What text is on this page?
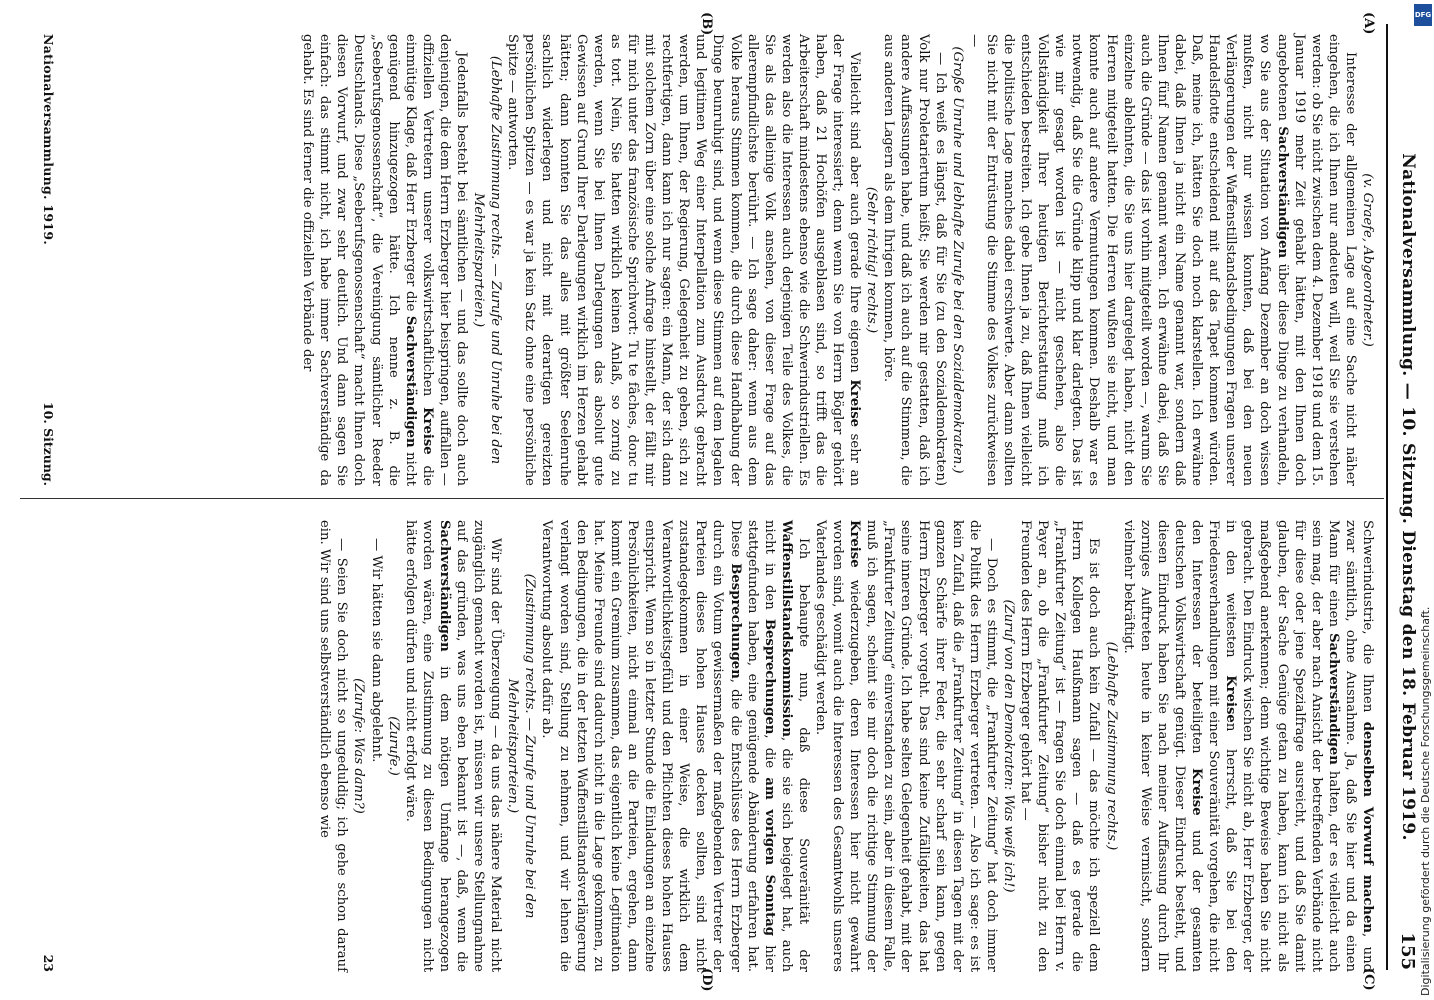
Nationalversammlung. — 10. Sitzung. Dienstag den 18. Februar 1919.
155
(A)
(B)
(C)
(D)

(v. Graefe, Abgeordneter.)

Interesse der allgemeinen Lage auf eine Sache nicht näher eingehen, die ich Ihnen nur andeuten will, weil Sie sie verstehen werden: ob Sie nicht zwischen dem 4. Dezember 1918 und dem 15. Januar 1919 mehr Zeit gehabt hätten, mit den Ihnen doch angebotenen Sachverständigen über diese Dinge zu verhandeln, wo Sie aus der Situation von Anfang Dezember an doch wissen mußten, nicht nur wissen konnten, daß bei den neuen Verlängerungen der Waffenstillstandsbedingungen Fragen unserer Handelsflotte entscheidend mit auf das Tapet kommen würden. Daß, meine ich, hätten Sie doch noch klarstellen. Ich erwähne dabei, daß Ihnen ja nicht ein Name genannt war, sondern daß Ihnen fünf Namen genannt waren. Ich erwähne dabei, daß Sie auch die Gründe — das ist vorhin mitgeteilt worden —, warum Sie einzelne ablehnten, die Sie uns hier dargelegt haben, nicht den Herren mitgeteilt hatten. Die Herren wußten sie nicht, und man konnte auch auf andere Vermutungen kommen. Deshalb war es notwendig, daß Sie die Gründe klipp und klar darlegten. Das ist wie mir gesagt worden ist — nicht geschehen, also die Vollständigkeit Ihrer heutigen Berichterstattung muß ich entschieden bestreiten. Ich gebe Ihnen ja zu, daß Ihnen vielleicht die politische Lage manches dabei erschwerte. Aber dann sollten Sie nicht mit der Entrüstung die Stimme des Volkes zurückweisen —

(Große Unruhe und lebhafte Zurufe bei den Sozialdemokraten.)

— Ich weiß es längst, daß für Sie (zu den Sozialdemokraten) Volk nur Proletariertum heißt; Sie werden mir gestatten, daß ich andere Auffassungen habe, und daß ich auch auf die Stimmen, die aus anderen Lagern als dem Ihrigen kommen, höre.

(Sehr richtig! rechts.)

Vielleicht sind aber auch gerade Ihre eigenen Kreise sehr an der Frage interessiert; denn wenn Sie von Herrn Bögler gehört haben, daß 21 Hochöfen ausgeblasen sind, so trifft das die Arbeiterschaft mindestens ebenso wie die Schwerindustriellen. Es werden also die Interessen auch derjenigen Teile des Volkes, die Sie als das alleinige Volk ansehen, von dieser Frage auf das allerempfindlichste berührt. — Ich sage daher: wenn aus dem Volke heraus Stimmen kommen, die durch diese Handhabung der Dinge beunruhigt sind, und wenn diese Stimmen auf dem legalen und legitimen Weg einer Interpellation zum Ausdruck gebracht werden, um Ihnen, der Regierung, Gelegenheit zu geben, sich zu rechtfertigen, dann kann ich nur sagen: ein Mann, der sich dann mit solchem Zorn über eine solche Anfrage hinstellt, der fällt mir für mich unter das französische Sprichwort: Tu te fâches, donc tu as tort. Nein, Sie hatten wirklich keinen Anlaß, so zornig zu werden, wenn Sie bei Ihnen Darlegungen das absolut gute Gewissen auf Grund Ihrer Darlegungen wirklich im Herzen gehabt hätten; dann konnten Sie das alles mit größter Seelenruhe sachlich widerlegen und nicht mit derartigen gereizten persönlichen Spitzen — es war ja kein Satz ohne eine persönliche Spitze — antworten.

(Lebhafte Zustimmung rechts. — Zurufe und Unruhe bei den Mehrheitsparteien.)

Jedenfalls besteht bei sämtlichen — und das sollte doch auch denjenigen, die dem Herrn Erzberger hier beispringen, auffallen — offiziellen Vertretern unserer volkswirtschaftlichen Kreise die einmütige Klage, daß Herr Erzberger die Sachverständigen nicht genügend hinzugezogen hätte. Ich nenne z. B. die „Seeberufsgenossenschaft“, die Vereinigung sämtlicher Reeder Deutschlands. Diese „Seeberufsgenossenschaft“ macht Ihnen doch diesen Vorwurf, und zwar sehr deutlich. Und dann sagen Sie einfach: das stimmt nicht, ich habe immer Sachverständige da gehabt. Es sind ferner die offiziellen Verbände der

Schwerindustrie, die Ihnen denselben Vorwurf machen, und zwar sämtlich, ohne Ausnahme. Ja, daß Sie hier und da einen Mann für einen Sachverständigen halten, der es vielleicht auch sein mag, der aber nach Ansicht der betreffenden Verbände nicht für diese oder jene Spezialfrage ausreicht, und daß Sie damit glauben, der Sache Genüge getan zu haben, kann ich nicht als maßgebend anerkennen; denn wichtige Beweise haben Sie nicht gebracht. Den Eindruck wischen Sie nicht ab, Herr Erzberger, der in den weitesten Kreisen herrscht, daß Sie bei den Friedensverhandlungen mit einer Souveränität vorgehen, die nicht den Interessen der beteiligten Kreise und der gesamten deutschen Volkswirtschaft genügt. Dieser Eindruck besteht, und diesen Eindruck haben Sie nach meiner Auffassung durch Ihr zorniges Auftreten heute in keiner Weise vermischt, sondern vielmehr bekräftigt.

(Lebhafte Zustimmung rechts.)

Es ist doch auch kein Zufall — das möchte ich speziell dem Herrn Kollegen Haußmann sagen — daß es gerade die „Frankfurter Zeitung“ ist — fragen Sie doch einmal bei Herrn v. Payer an, ob die „Frankfurter Zeitung“ bisher nicht zu den Freunden des Herrn Erzberger gehört hat —

(Zuruf von den Demokraten: Was weiß ich!)

— Doch es stimmt, die „Frankfurter Zeitung“ hat doch immer die Politik des Herrn Erzberger vertreten. — Also ich sage: es ist kein Zufall, daß die „Frankfurter Zeitung“ in diesen Tagen mit der ganzen Schärfe ihrer Feder, die sehr scharf sein kann, gegen Herrn Erzberger vorgeht. Das sind keine Zufälligkeiten, das hat seine inneren Gründe. Ich habe selten Gelegenheit gehabt, mit der „Frankfurter Zeitung“ einverstanden zu sein, aber in diesem Falle, muß ich sagen, scheint sie mir doch die richtige Stimmung der Kreise wiederzugeben, deren Interessen hier nicht gewahrt worden sind, womit auch die Interessen des Gesamtwohls unseres Vaterlandes geschädigt werden.

Ich behaupte nun, daß diese Souveränität der Waffenstillstandskommission, die sie sich beigelegt hat, auch nicht in den Besprechungen, die am vorigen Sonntag hier stattgefunden haben, eine genügende Abänderung erfahren hat. Diese Besprechungen, die die Entschlüsse des Herrn Erzberger durch ein Votum gewissermaßen der maßgebenden Vertreter der Parteien dieses hohen Hauses decken sollten, sind nicht zustandegekommen in einer Weise, die wirklich dem Verantwortlichkeitsgefühl und den Pflichten dieses hohen Hauses entspricht. Wenn so in letzter Stunde die Einladungen an einzelne Persönlichkeiten, nicht einmal an die Parteien, ergehen, dann kommt ein Gremium zusammen, das eigentlich keine Legitimation hat. Meine Freunde sind dadurch nicht in die Lage gekommen, zu den Bedingungen, die in der letzten Waffenstillstandsverlängerung verlangt worden sind, Stellung zu nehmen, und wir lehnen die Verantwortung absolut dafür ab.

(Zustimmung rechts. — Zurufe und Unruhe bei den Mehrheitsparteien.)

Wir sind der Überzeugung — da uns das nähere Material nicht zugänglich gemacht worden ist, müssen wir unsere Stellungnahme auf das gründen, was uns eben bekannt ist —, daß, wenn die Sachverständigen in dem nötigen Umfange herangezogen worden wären, eine Zustimmung zu diesen Bedingungen nicht hätte erfolgen dürfen und nicht erfolgt wäre.

(Zurufe.)

— Wir hätten sie dann abgelehnt.

(Zurufe: Was dann?)

— Seien Sie doch nicht so ungeduldig; ich gehe schon darauf ein. Wir sind uns selbstverständlich ebenso wie

Nationalversammlung. 1919.
10. Sitzung.
23	Digitalisierung gefördert durch die Deutsche Forschungsgemeinschaft.
DFG
